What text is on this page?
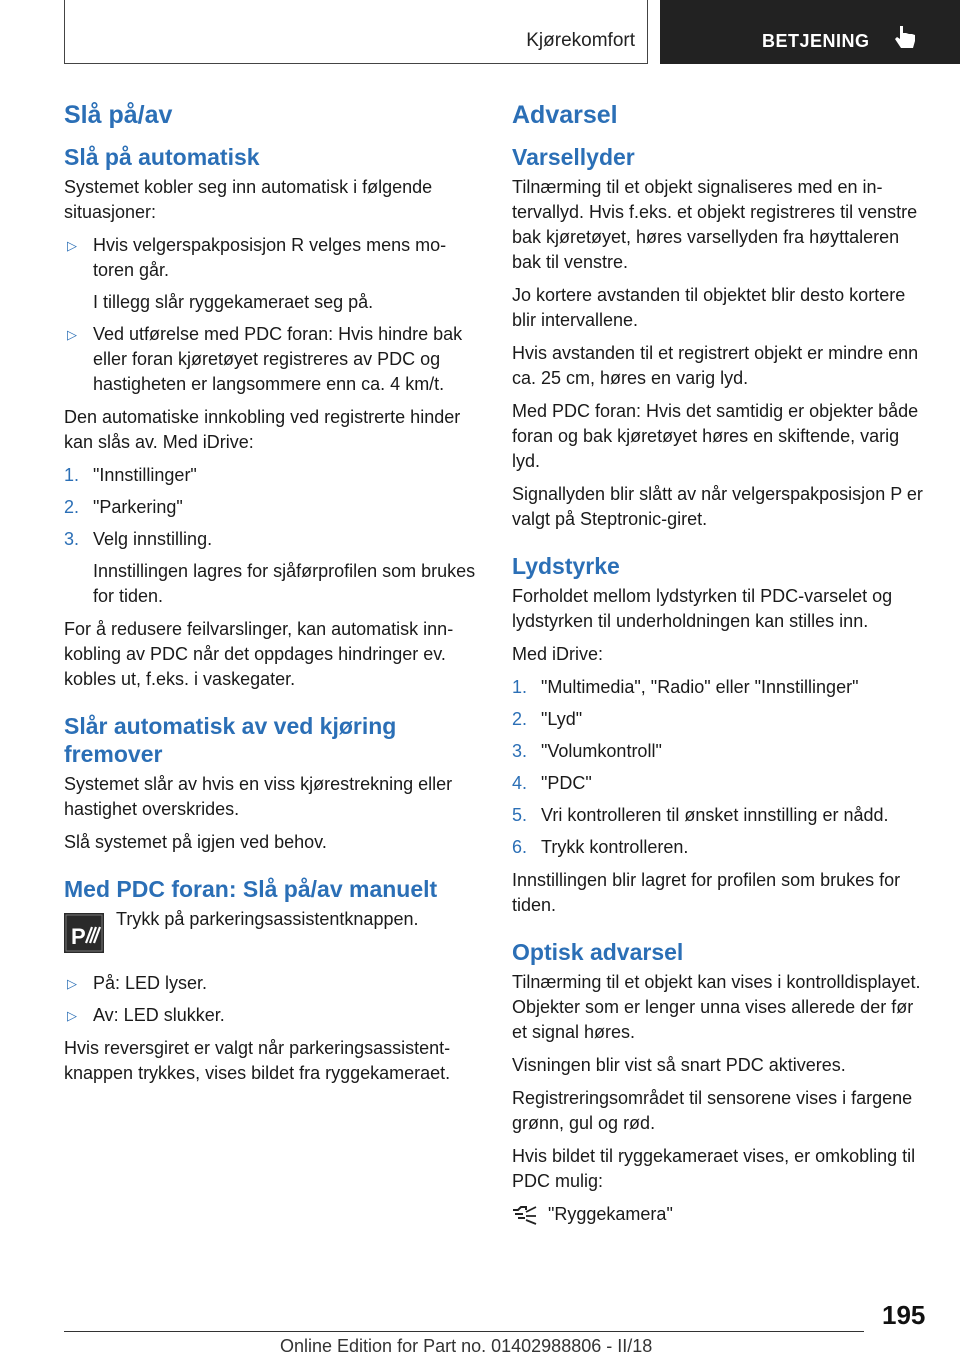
Kjørekomfort	BETJENING
Slå på/av
Slå på automatisk

Systemet kobler seg inn automatisk i følgende situasjoner:

▷ Hvis velgerspakposisjon R velges mens motoren går.
I tillegg slår ryggekameraet seg på.
▷ Ved utførelse med PDC foran: Hvis hindre bak eller foran kjøretøyet registreres av PDC og hastigheten er langsommere enn ca. 4 km/t.

Den automatiske innkobling ved registrerte hinder kan slås av. Med iDrive:

1. "Innstillinger"
2. "Parkering"
3. Velg innstilling.
Innstillingen lagres for sjåførprofilen som brukes for tiden.

For å redusere feilvarslinger, kan automatisk innkobling av PDC når det oppdages hindringer ev. kobles ut, f.eks. i vaskegater.

Slår automatisk av ved kjøring fremover

Systemet slår av hvis en viss kjørestrekning eller hastighet overskrides.

Slå systemet på igjen ved behov.

Med PDC foran: Slå på/av manuelt
P
Trykk på parkeringsassistentknappen.
▷ På: LED lyser.
▷ Av: LED slukker.

Hvis reversgiret er valgt når parkeringsassistentknappen trykkes, vises bildet fra ryggekameraet.

Advarsel
Varsellyder

Tilnærming til et objekt signaliseres med en intervallyd. Hvis f.eks. et objekt registreres til venstre bak kjøretøyet, høres varsellyden fra høyttaleren bak til venstre.

Jo kortere avstanden til objektet blir desto kortere blir intervallene.

Hvis avstanden til et registrert objekt er mindre enn ca. 25 cm, høres en varig lyd.

Med PDC foran: Hvis det samtidig er objekter både foran og bak kjøretøyet høres en skiftende, varig lyd.

Signallyden blir slått av når velgerspakposisjon P er valgt på Steptronic-giret.

Lydstyrke

Forholdet mellom lydstyrken til PDC-varselet og lydstyrken til underholdningen kan stilles inn.

Med iDrive:

1. "Multimedia", "Radio" eller "Innstillinger"
2. "Lyd"
3. "Volumkontroll"
4. "PDC"
5. Vri kontrolleren til ønsket innstilling er nådd.
6. Trykk kontrolleren.

Innstillingen blir lagret for profilen som brukes for tiden.

Optisk advarsel

Tilnærming til et objekt kan vises i kontrolldisplayet. Objekter som er lenger unna vises allerede der før et signal høres.

Visningen blir vist så snart PDC aktiveres.

Registreringsområdet til sensorene vises i fargene grønn, gul og rød.

Hvis bildet til ryggekameraet vises, er omkobling til PDC mulig:

"Ryggekamera"
195
Online Edition for Part no. 01402988806 - II/18
